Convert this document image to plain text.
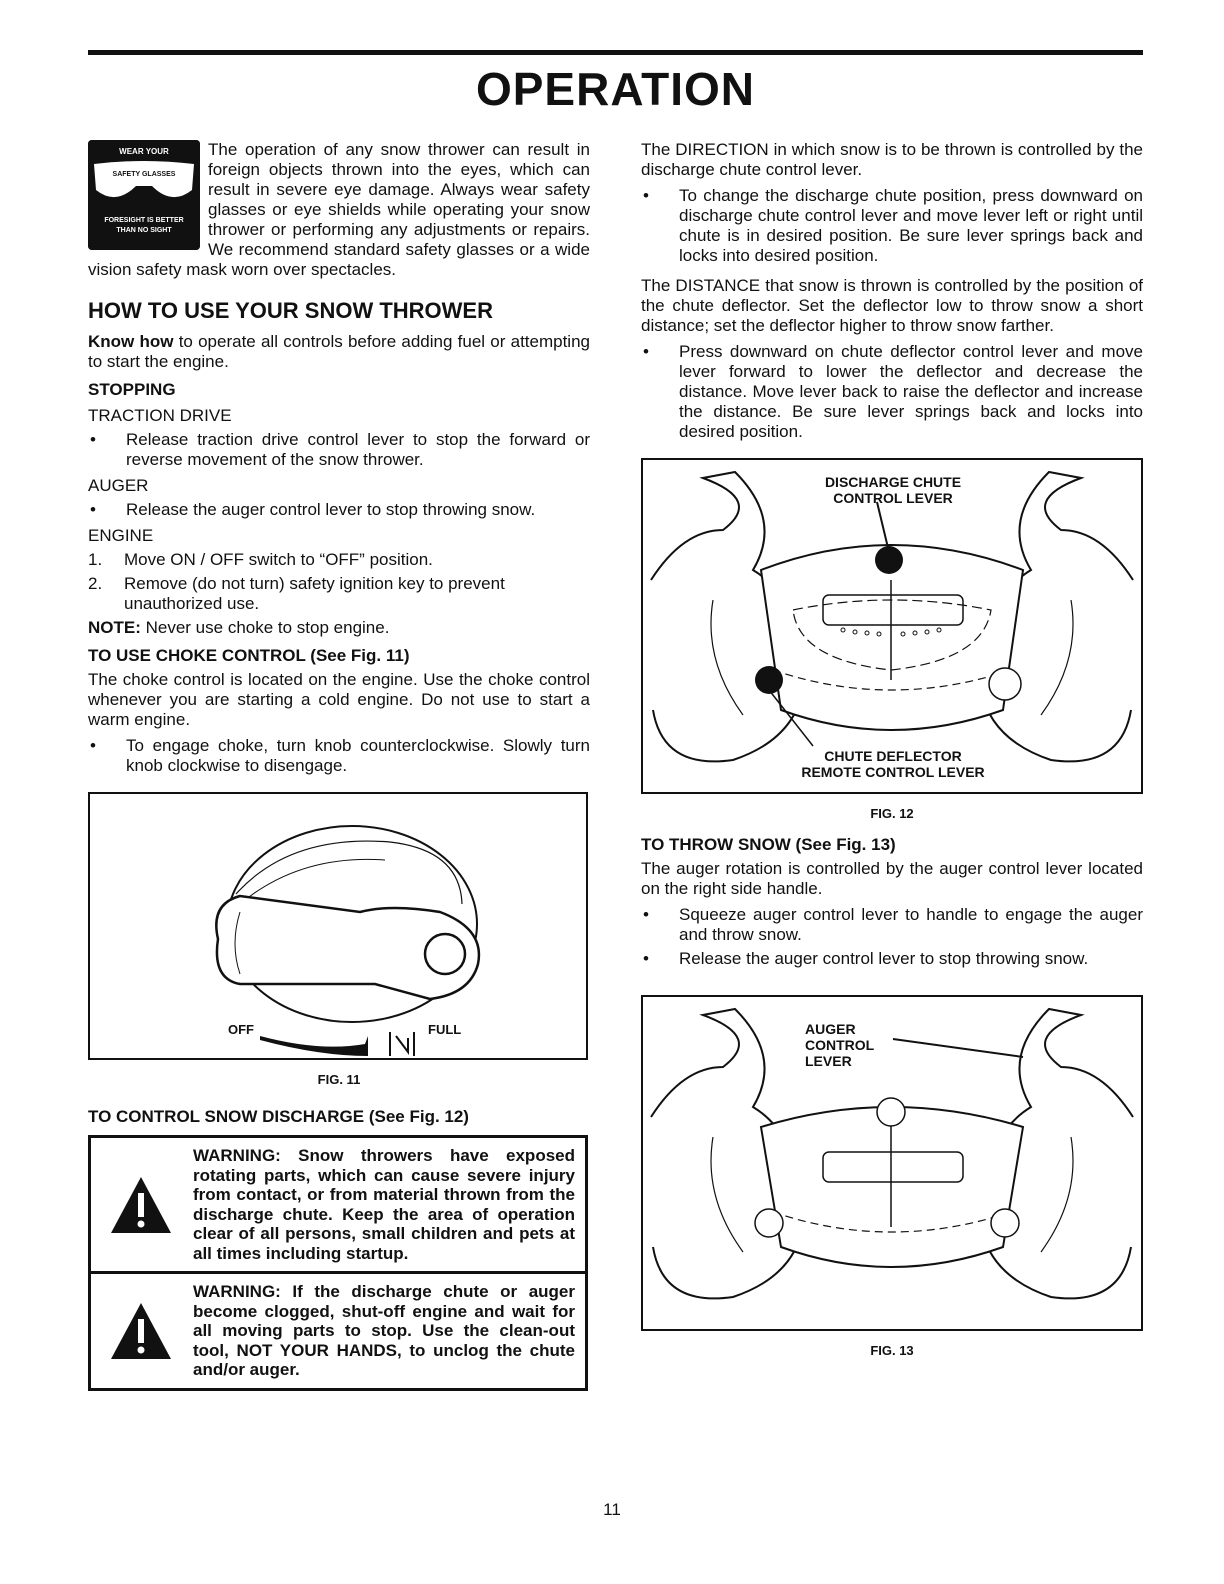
OPERATION
WEAR YOUR
SAFETY GLASSES
FORESIGHT IS BETTER
THAN NO SIGHT

The operation of any snow thrower can result in foreign objects thrown into the eyes, which can result in severe eye damage. Always wear safety glasses or eye shields while operating your snow thrower or performing any adjustments or repairs. We recommend standard safety glasses or a wide vision safety mask worn over spectacles.

HOW TO USE YOUR SNOW THROWER

Know how to operate all controls before adding fuel or attempting to start the engine.

STOPPING
TRACTION DRIVE
•	Release traction drive control lever to stop the forward or reverse movement of the snow thrower.
AUGER
•	Release the auger control lever to stop throwing snow.
ENGINE
1.	Move ON / OFF switch to “OFF” position.
2.	Remove (do not turn) safety ignition key to prevent unauthorized use.

NOTE: Never use choke to stop engine.

TO USE CHOKE CONTROL (See Fig. 11)

The choke control is located on the engine. Use the choke control whenever you are starting a cold engine. Do not use to start a warm engine.

•	To engage choke, turn knob counterclockwise. Slowly turn knob clockwise to disengage.
OFF	FULL
FIG. 11
TO CONTROL SNOW DISCHARGE (See Fig. 12)
WARNING: Snow throwers have exposed rotating parts, which can cause severe injury from contact, or from material thrown from the discharge chute. Keep the area of operation clear of all persons, small children and pets at all times including startup.
WARNING: If the discharge chute or auger become clogged, shut-off engine and wait for all moving parts to stop. Use the clean-out tool, NOT YOUR HANDS, to unclog the chute and/or auger.

The DIRECTION in which snow is to be thrown is controlled by the discharge chute control lever.

•	To change the discharge chute position, press downward on discharge chute control lever and move lever left or right until chute is in desired position. Be sure lever springs back and locks into desired position.

The DISTANCE that snow is thrown is controlled by the position of the chute deflector. Set the deflector low to throw snow a short distance; set the deflector higher to throw snow farther.

•	Press downward on chute deflector control lever and move lever forward to lower the deflector and decrease the distance. Move lever back to raise the deflector and increase the distance. Be sure lever springs back and locks into desired position.
DISCHARGE CHUTE
CONTROL LEVER
CHUTE DEFLECTOR
REMOTE CONTROL LEVER
FIG. 12
TO THROW SNOW (See Fig. 13)

The auger rotation is controlled by the auger control lever located on the right side handle.

•	Squeeze auger control lever to handle to engage the auger and throw snow.
•	Release the auger control lever to stop throwing snow.
AUGER
CONTROL
LEVER
FIG. 13
11
